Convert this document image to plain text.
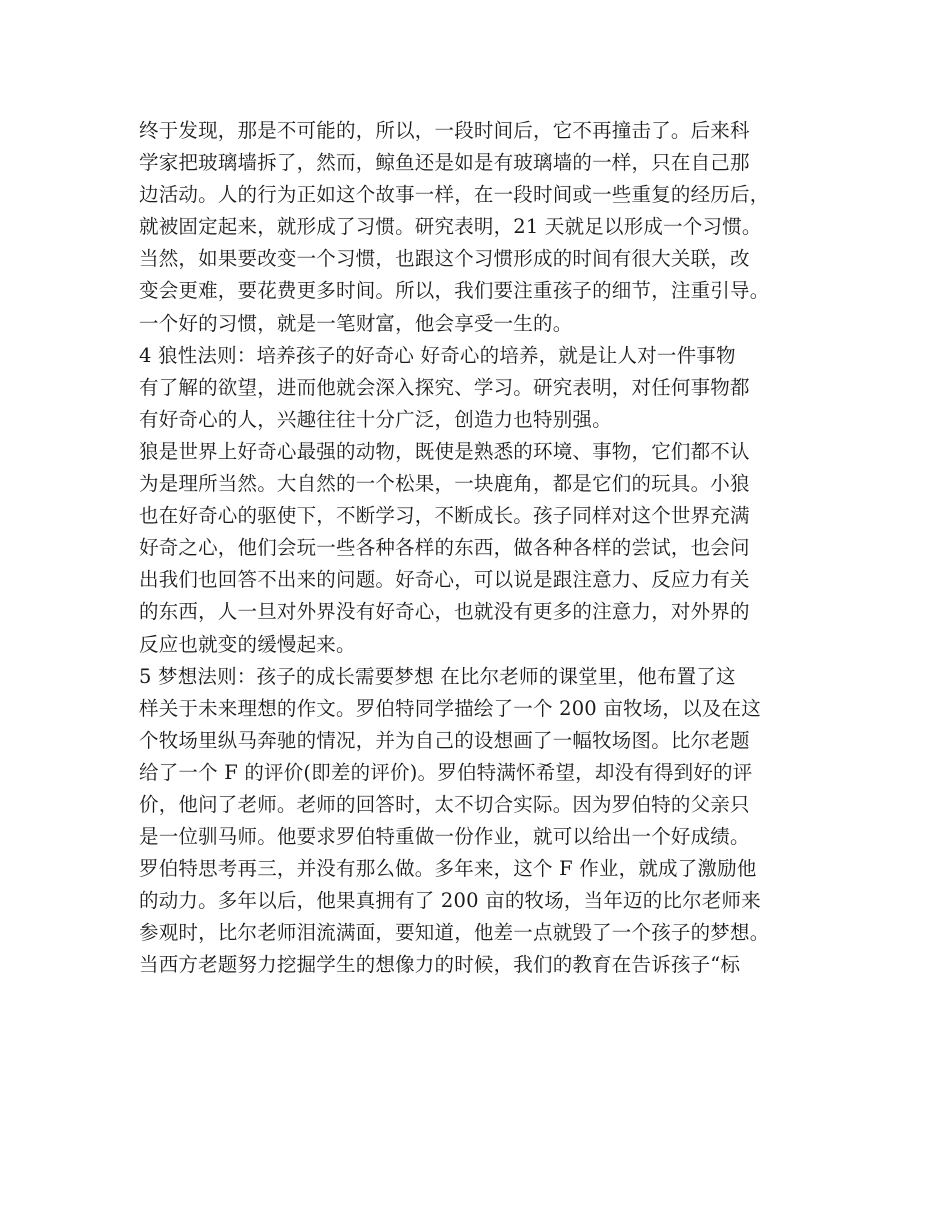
终于发现，那是不可能的，所以，一段时间后，它不再撞击了。后来科
学家把玻璃墙拆了，然而，鲸鱼还是如是有玻璃墙的一样，只在自己那
边活动。人的行为正如这个故事一样，在一段时间或一些重复的经历后，
就被固定起来，就形成了习惯。研究表明，21 天就足以形成一个习惯。
当然，如果要改变一个习惯，也跟这个习惯形成的时间有很大关联，改
变会更难，要花费更多时间。所以，我们要注重孩子的细节，注重引导。
一个好的习惯，就是一笔财富，他会享受一生的。
4 狼性法则：培养孩子的好奇心 好奇心的培养，就是让人对一件事物
有了解的欲望，进而他就会深入探究、学习。研究表明，对任何事物都
有好奇心的人，兴趣往往十分广泛，创造力也特别强。
狼是世界上好奇心最强的动物，既使是熟悉的环境、事物，它们都不认
为是理所当然。大自然的一个松果，一块鹿角，都是它们的玩具。小狼
也在好奇心的驱使下，不断学习，不断成长。孩子同样对这个世界充满
好奇之心，他们会玩一些各种各样的东西，做各种各样的尝试，也会问
出我们也回答不出来的问题。好奇心，可以说是跟注意力、反应力有关
的东西，人一旦对外界没有好奇心，也就没有更多的注意力，对外界的
反应也就变的缓慢起来。
5 梦想法则：孩子的成长需要梦想 在比尔老师的课堂里，他布置了这
样关于未来理想的作文。罗伯特同学描绘了一个 200 亩牧场，以及在这
个牧场里纵马奔驰的情况，并为自己的设想画了一幅牧场图。比尔老题
给了一个 F 的评价(即差的评价)。罗伯特满怀希望，却没有得到好的评
价，他问了老师。老师的回答时，太不切合实际。因为罗伯特的父亲只
是一位驯马师。他要求罗伯特重做一份作业，就可以给出一个好成绩。
罗伯特思考再三，并没有那么做。多年来，这个 F 作业，就成了激励他
的动力。多年以后，他果真拥有了 200 亩的牧场，当年迈的比尔老师来
参观时，比尔老师泪流满面，要知道，他差一点就毁了一个孩子的梦想。
当西方老题努力挖掘学生的想像力的时候，我们的教育在告诉孩子“标
